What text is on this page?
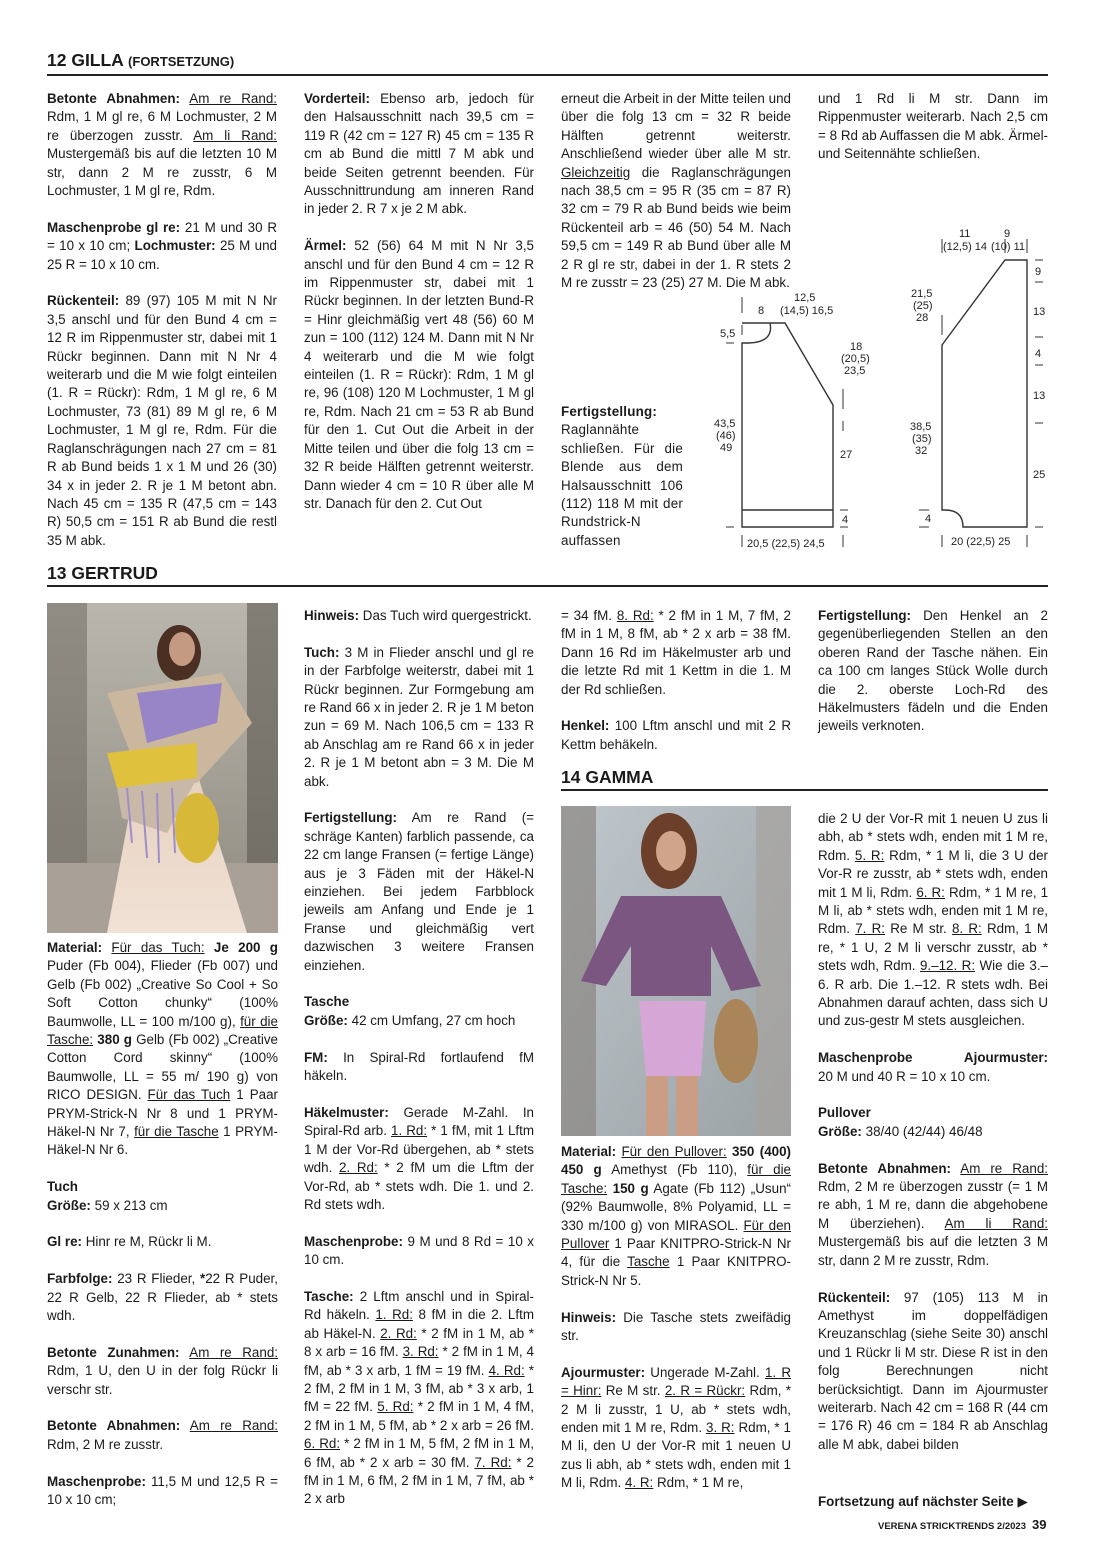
12 GILLA (FORTSETZUNG)

Betonte Abnahmen: Am re Rand: Rdm, 1 M gl re, 6 M Lochmuster, 2 M re überzogen zusstr. Am li Rand: Mustergemäß bis auf die letzten 10 M str, dann 2 M re zusstr, 6 M Lochmuster, 1 M gl re, Rdm.

Maschenprobe gl re: 21 M und 30 R = 10 x 10 cm; Lochmuster: 25 M und 25 R = 10 x 10 cm.

Rückenteil: 89 (97) 105 M mit N Nr 3,5 anschl und für den Bund 4 cm = 12 R im Rippenmuster str, dabei mit 1 Rückr beginnen. Dann mit N Nr 4 weiterarb und die M wie folgt einteilen (1. R = Rückr): Rdm, 1 M gl re, 6 M Lochmuster, 73 (81) 89 M gl re, 6 M Lochmuster, 1 M gl re, Rdm. Für die Raglanschrägungen nach 27 cm = 81 R ab Bund beids 1 x 1 M und 26 (30) 34 x in jeder 2. R je 1 M betont abn. Nach 45 cm = 135 R (47,5 cm = 143 R) 50,5 cm = 151 R ab Bund die restl 35 M abk.

Vorderteil: Ebenso arb, jedoch für den Halsausschnitt nach 39,5 cm = 119 R (42 cm = 127 R) 45 cm = 135 R cm ab Bund die mittl 7 M abk und beide Seiten getrennt beenden. Für Ausschnittrundung am inneren Rand in jeder 2. R 7 x je 2 M abk.

Ärmel: 52 (56) 64 M mit N Nr 3,5 anschl und für den Bund 4 cm = 12 R im Rippenmuster str, dabei mit 1 Rückr beginnen. In der letzten Bund-R = Hinr gleichmäßig vert 48 (56) 60 M zun = 100 (112) 124 M. Dann mit N Nr 4 weiterarb und die M wie folgt einteilen (1. R = Rückr): Rdm, 1 M gl re, 96 (108) 120 M Lochmuster, 1 M gl re, Rdm. Nach 21 cm = 53 R ab Bund für den 1. Cut Out die Arbeit in der Mitte teilen und über die folg 13 cm = 32 R beide Hälften getrennt weiterstr. Dann wieder 4 cm = 10 R über alle M str. Danach für den 2. Cut Out

erneut die Arbeit in der Mitte teilen und über die folg 13 cm = 32 R beide Hälften getrennt weiterstr. Anschließend wieder über alle M str. Gleichzeitig die Raglanschrägungen nach 38,5 cm = 95 R (35 cm = 87 R) 32 cm = 79 R ab Bund beids wie beim Rückenteil arb = 46 (50) 54 M. Nach 59,5 cm = 149 R ab Bund über alle M 2 R gl re str, dabei in der 1. R stets 2 M re zusstr = 23 (25) 27 M. Die M abk.

Fertigstellung: Raglannähte schließen. Für die Blende aus dem Halsausschnitt 106 (112) 118 M mit der Rundstrick-N auffassen

und 1 Rd li M str. Dann im Rippenmuster weiterarb. Nach 2,5 cm = 8 Rd ab Auffassen die M abk. Ärmel- und Seitennähte schließen.

8
12,5
(14,5) 16,5
5,5
18
(20,5)
23,5
43,5
(46)
49
27
4
20,5 (22,5) 24,5
11
(12,5) 14
9
(10) 11
21,5
(25)
28
9
13
4
13
25
38,5
(35)
32
4
20 (22,5) 25
13 GERTRUD

Material: Für das Tuch: Je 200 g Puder (Fb 004), Flieder (Fb 007) und Gelb (Fb 002) „Creative So Cool + So Soft Cotton chunky“ (100% Baumwolle, LL = 100 m/100 g), für die Tasche: 380 g Gelb (Fb 002) „Creative Cotton Cord skinny“ (100% Baumwolle, LL = 55 m/ 190 g) von RICO DESIGN. Für das Tuch 1 Paar PRYM-Strick-N Nr 8 und 1 PRYM-Häkel-N Nr 7, für die Tasche 1 PRYM-Häkel-N Nr 6.

Tuch
Größe: 59 x 213 cm

Gl re: Hinr re M, Rückr li M.

Farbfolge: 23 R Flieder, *22 R Puder, 22 R Gelb, 22 R Flieder, ab * stets wdh.

Betonte Zunahmen: Am re Rand: Rdm, 1 U, den U in der folg Rückr li verschr str.

Betonte Abnahmen: Am re Rand: Rdm, 2 M re zusstr.

Maschenprobe: 11,5 M und 12,5 R = 10 x 10 cm;

Hinweis: Das Tuch wird quergestrickt.

Tuch: 3 M in Flieder anschl und gl re in der Farbfolge weiterstr, dabei mit 1 Rückr beginnen. Zur Formgebung am re Rand 66 x in jeder 2. R je 1 M beton zun = 69 M. Nach 106,5 cm = 133 R ab Anschlag am re Rand 66 x in jeder 2. R je 1 M betont abn = 3 M. Die M abk.

Fertigstellung: Am re Rand (= schräge Kanten) farblich passende, ca 22 cm lange Fransen (= fertige Länge) aus je 3 Fäden mit der Häkel-N einziehen. Bei jedem Farbblock jeweils am Anfang und Ende je 1 Franse und gleichmäßig vert dazwischen 3 weitere Fransen einziehen.

Tasche
Größe: 42 cm Umfang, 27 cm hoch

FM: In Spiral-Rd fortlaufend fM häkeln.

Häkelmuster: Gerade M-Zahl. In Spiral-Rd arb. 1. Rd: * 1 fM, mit 1 Lftm 1 M der Vor-Rd übergehen, ab * stets wdh. 2. Rd: * 2 fM um die Lftm der Vor-Rd, ab * stets wdh. Die 1. und 2. Rd stets wdh.

Maschenprobe: 9 M und 8 Rd = 10 x 10 cm.

Tasche: 2 Lftm anschl und in Spiral-Rd häkeln. 1. Rd: 8 fM in die 2. Lftm ab Häkel-N. 2. Rd: * 2 fM in 1 M, ab * 8 x arb = 16 fM. 3. Rd: * 2 fM in 1 M, 4 fM, ab * 3 x arb, 1 fM = 19 fM. 4. Rd: * 2 fM, 2 fM in 1 M, 3 fM, ab * 3 x arb, 1 fM = 22 fM. 5. Rd: * 2 fM in 1 M, 4 fM, 2 fM in 1 M, 5 fM, ab * 2 x arb = 26 fM. 6. Rd: * 2 fM in 1 M, 5 fM, 2 fM in 1 M, 6 fM, ab * 2 x arb = 30 fM. 7. Rd: * 2 fM in 1 M, 6 fM, 2 fM in 1 M, 7 fM, ab * 2 x arb

= 34 fM. 8. Rd: * 2 fM in 1 M, 7 fM, 2 fM in 1 M, 8 fM, ab * 2 x arb = 38 fM. Dann 16 Rd im Häkelmuster arb und die letzte Rd mit 1 Kettm in die 1. M der Rd schließen.

Henkel: 100 Lftm anschl und mit 2 R Kettm behäkeln.

Fertigstellung: Den Henkel an 2 gegenüberliegenden Stellen an den oberen Rand der Tasche nähen. Ein ca 100 cm langes Stück Wolle durch die 2. oberste Loch-Rd des Häkelmusters fädeln und die Enden jeweils verknoten.

14 GAMMA

Material: Für den Pullover: 350 (400) 450 g Amethyst (Fb 110), für die Tasche: 150 g Agate (Fb 112) „Usun“ (92% Baumwolle, 8% Polyamid, LL = 330 m/100 g) von MIRASOL. Für den Pullover 1 Paar KNITPRO-Strick-N Nr 4, für die Tasche 1 Paar KNITPRO-Strick-N Nr 5.

Hinweis: Die Tasche stets zweifädig str.

Ajourmuster: Ungerade M-Zahl. 1. R = Hinr: Re M str. 2. R = Rückr: Rdm, * 2 M li zusstr, 1 U, ab * stets wdh, enden mit 1 M re, Rdm. 3. R: Rdm, * 1 M li, den U der Vor-R mit 1 neuen U zus li abh, ab * stets wdh, enden mit 1 M li, Rdm. 4. R: Rdm, * 1 M re,

die 2 U der Vor-R mit 1 neuen U zus li abh, ab * stets wdh, enden mit 1 M re, Rdm. 5. R: Rdm, * 1 M li, die 3 U der Vor-R re zusstr, ab * stets wdh, enden mit 1 M li, Rdm. 6. R: Rdm, * 1 M re, 1 M li, ab * stets wdh, enden mit 1 M re, Rdm. 7. R: Re M str. 8. R: Rdm, 1 M re, * 1 U, 2 M li verschr zusstr, ab * stets wdh, Rdm. 9.–12. R: Wie die 3.–6. R arb. Die 1.–12. R stets wdh. Bei Abnahmen darauf achten, dass sich U und zus-gestr M stets ausgleichen.

Maschenprobe	Ajourmuster:
20 M und 40 R = 10 x 10 cm.

Pullover
Größe: 38/40 (42/44) 46/48

Betonte Abnahmen: Am re Rand: Rdm, 2 M re überzogen zusstr (= 1 M re abh, 1 M re, dann die abgehobene M überziehen). Am li Rand: Mustergemäß bis auf die letzten 3 M str, dann 2 M re zusstr, Rdm.

Rückenteil: 97 (105) 113 M in Amethyst im doppelfädigen Kreuzanschlag (siehe Seite 30) anschl und 1 Rückr li M str. Diese R ist in den folg Berechnungen nicht berücksichtigt. Dann im Ajourmuster weiterarb. Nach 42 cm = 168 R (44 cm = 176 R) 46 cm = 184 R ab Anschlag alle M abk, dabei bilden

Fortsetzung auf nächster Seite ▶
VERENA STRICKTRENDS 2/2023 39
